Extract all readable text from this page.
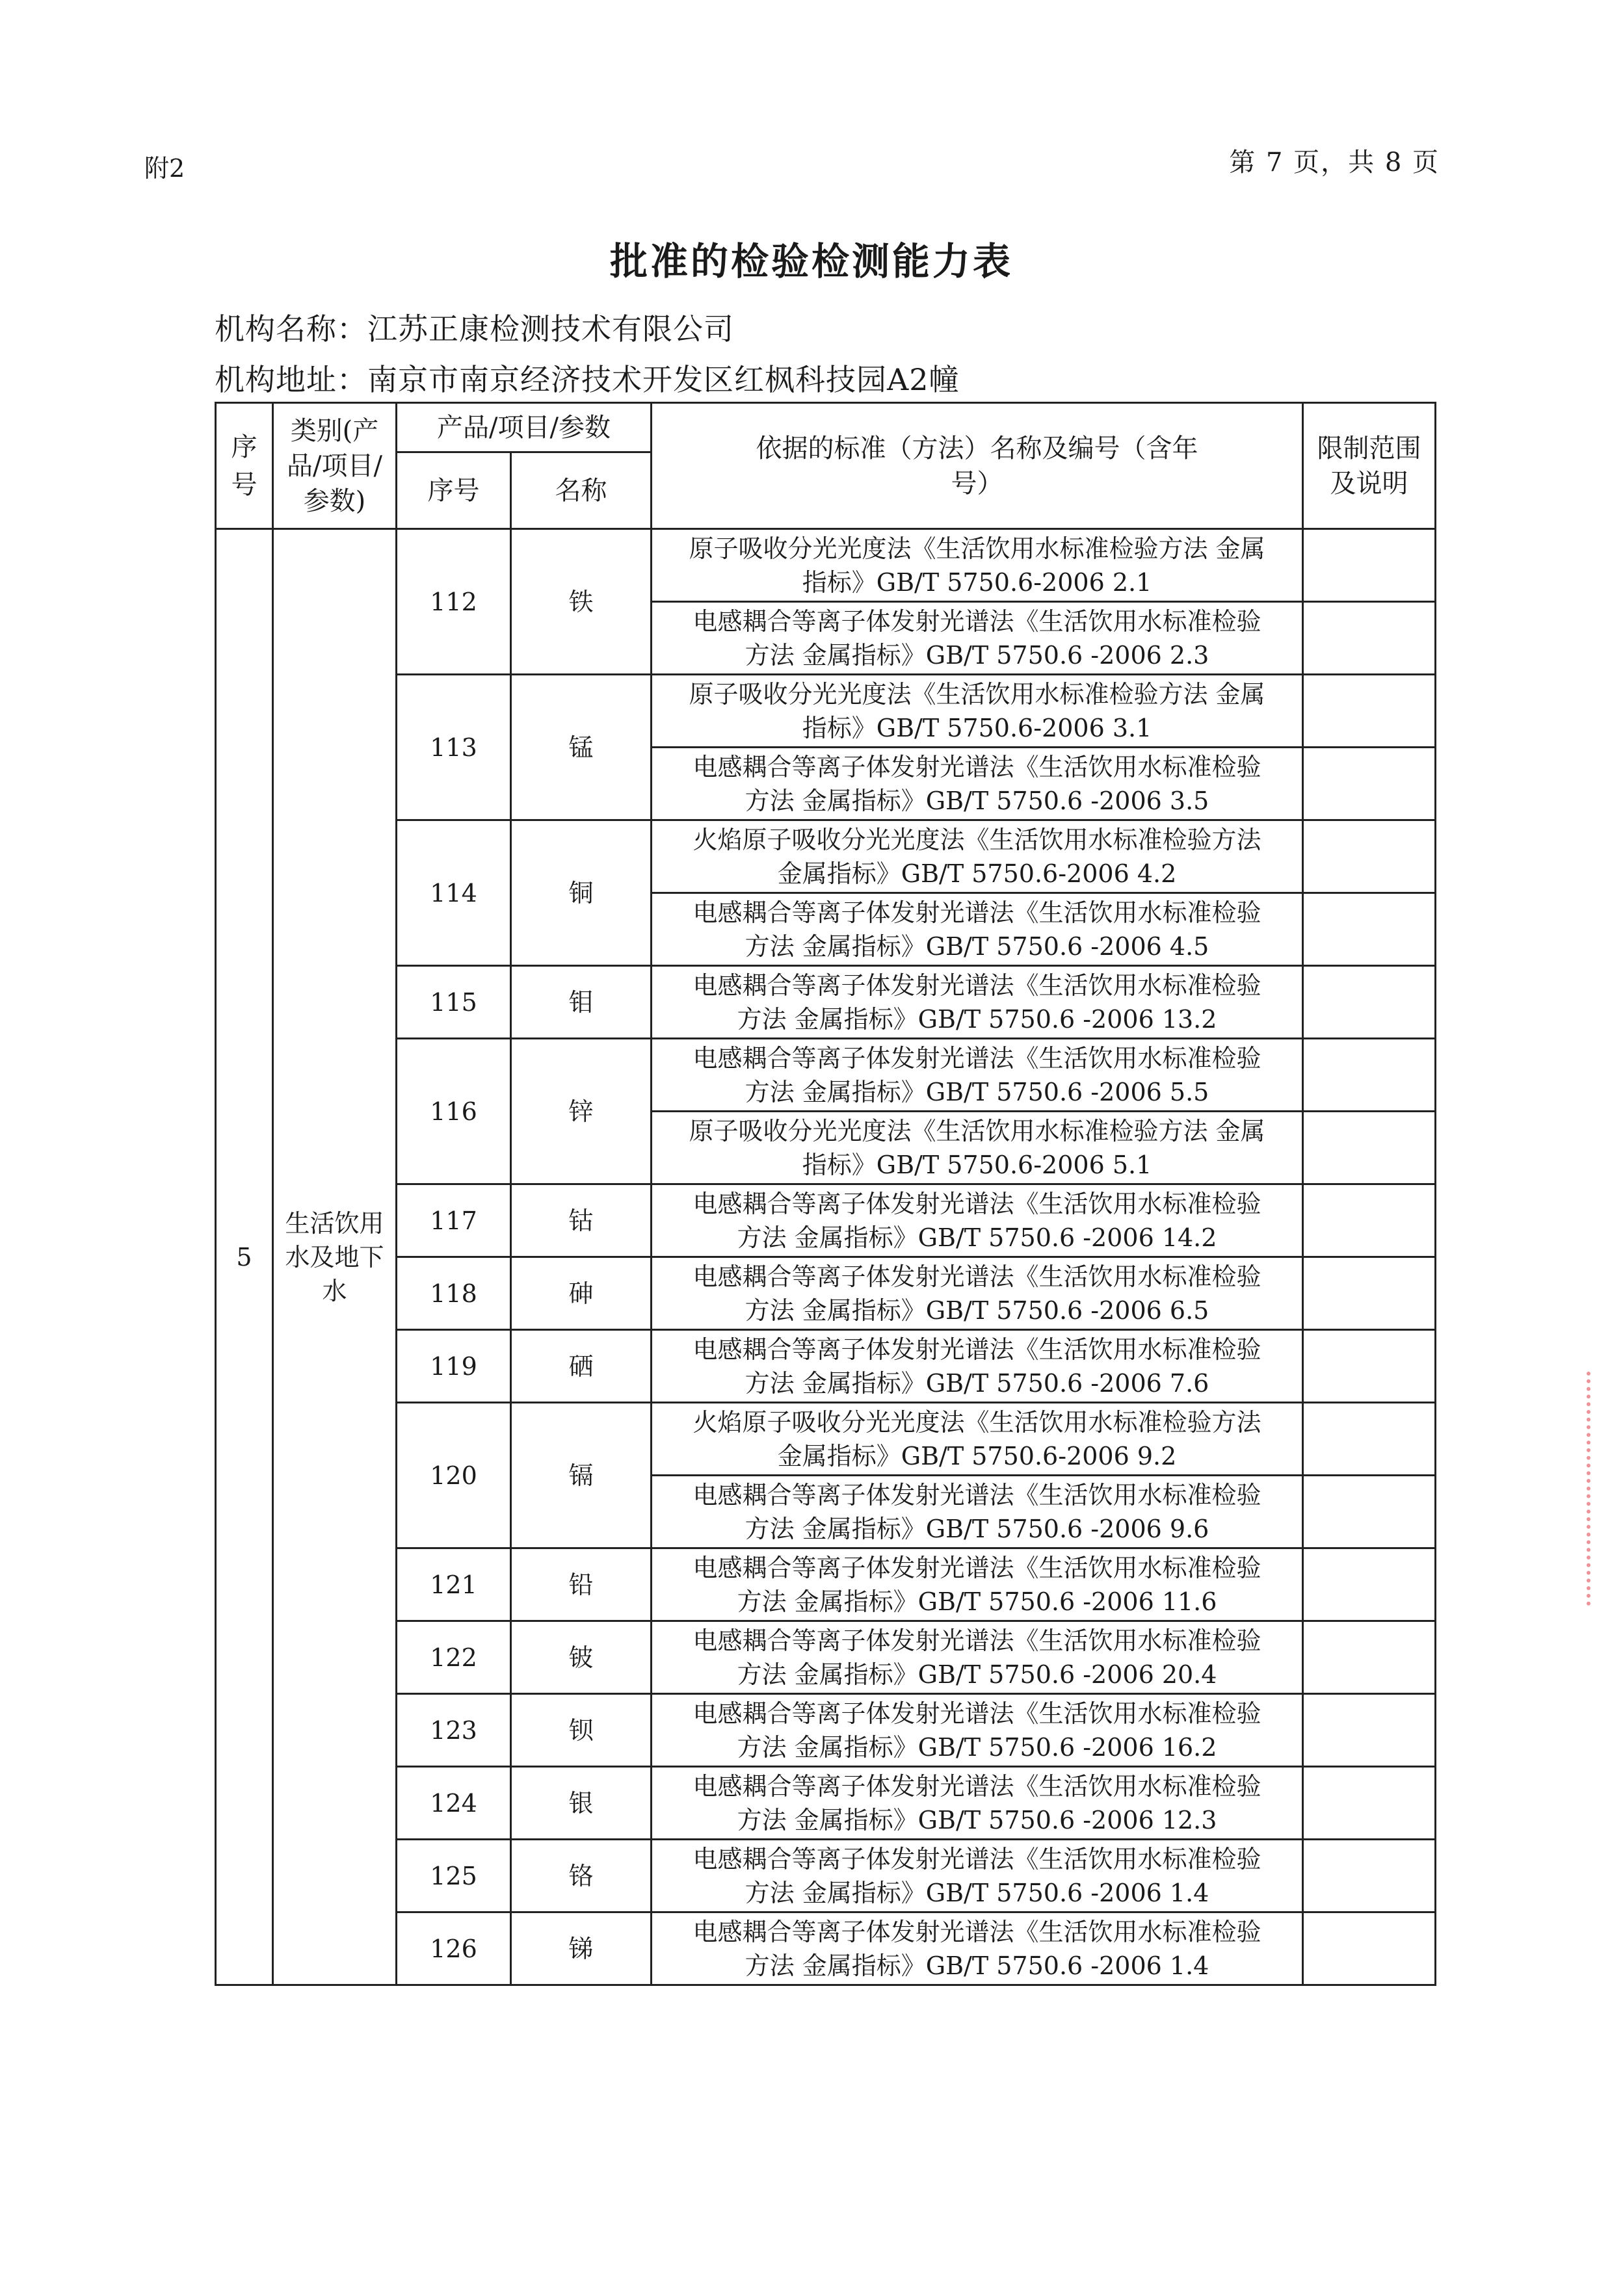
附2	第 7 页，共 8 页
批准的检验检测能力表
机构名称：江苏正康检测技术有限公司
机构地址：南京市南京经济技术开发区红枫科技园A2幢
序号	类别(产品/项目/参数)	产品/项目/参数		依据的标准（方法）名称及编号（含年号）	限制范围及说明

		序号	名称		
5	生活饮用水及地下水	112	铁	原子吸收分光光度法《生活饮用水标准检验方法 金属
指标》GB/T 5750.6-2006 2.1	

				电感耦合等离子体发射光谱法《生活饮用水标准检验
方法 金属指标》GB/T 5750.6 -2006 2.3	

		113	锰	原子吸收分光光度法《生活饮用水标准检验方法 金属
指标》GB/T 5750.6-2006 3.1	

				电感耦合等离子体发射光谱法《生活饮用水标准检验
方法 金属指标》GB/T 5750.6 -2006 3.5	

		114	铜	火焰原子吸收分光光度法《生活饮用水标准检验方法
金属指标》GB/T 5750.6-2006 4.2	

				电感耦合等离子体发射光谱法《生活饮用水标准检验
方法 金属指标》GB/T 5750.6 -2006 4.5	

		115	钼	电感耦合等离子体发射光谱法《生活饮用水标准检验
方法 金属指标》GB/T 5750.6 -2006 13.2	

		116	锌	电感耦合等离子体发射光谱法《生活饮用水标准检验
方法 金属指标》GB/T 5750.6 -2006 5.5	

				原子吸收分光光度法《生活饮用水标准检验方法 金属
指标》GB/T 5750.6-2006 5.1	

		117	钴	电感耦合等离子体发射光谱法《生活饮用水标准检验
方法 金属指标》GB/T 5750.6 -2006 14.2	

		118	砷	电感耦合等离子体发射光谱法《生活饮用水标准检验
方法 金属指标》GB/T 5750.6 -2006 6.5	

		119	硒	电感耦合等离子体发射光谱法《生活饮用水标准检验
方法 金属指标》GB/T 5750.6 -2006 7.6	

		120	镉	火焰原子吸收分光光度法《生活饮用水标准检验方法
金属指标》GB/T 5750.6-2006 9.2	

				电感耦合等离子体发射光谱法《生活饮用水标准检验
方法 金属指标》GB/T 5750.6 -2006 9.6	

		121	铅	电感耦合等离子体发射光谱法《生活饮用水标准检验
方法 金属指标》GB/T 5750.6 -2006 11.6	

		122	铍	电感耦合等离子体发射光谱法《生活饮用水标准检验
方法 金属指标》GB/T 5750.6 -2006 20.4	

		123	钡	电感耦合等离子体发射光谱法《生活饮用水标准检验
方法 金属指标》GB/T 5750.6 -2006 16.2	

		124	银	电感耦合等离子体发射光谱法《生活饮用水标准检验
方法 金属指标》GB/T 5750.6 -2006 12.3	

		125	铬	电感耦合等离子体发射光谱法《生活饮用水标准检验
方法 金属指标》GB/T 5750.6 -2006 1.4	

		126	锑	电感耦合等离子体发射光谱法《生活饮用水标准检验
方法 金属指标》GB/T 5750.6 -2006 1.4	
